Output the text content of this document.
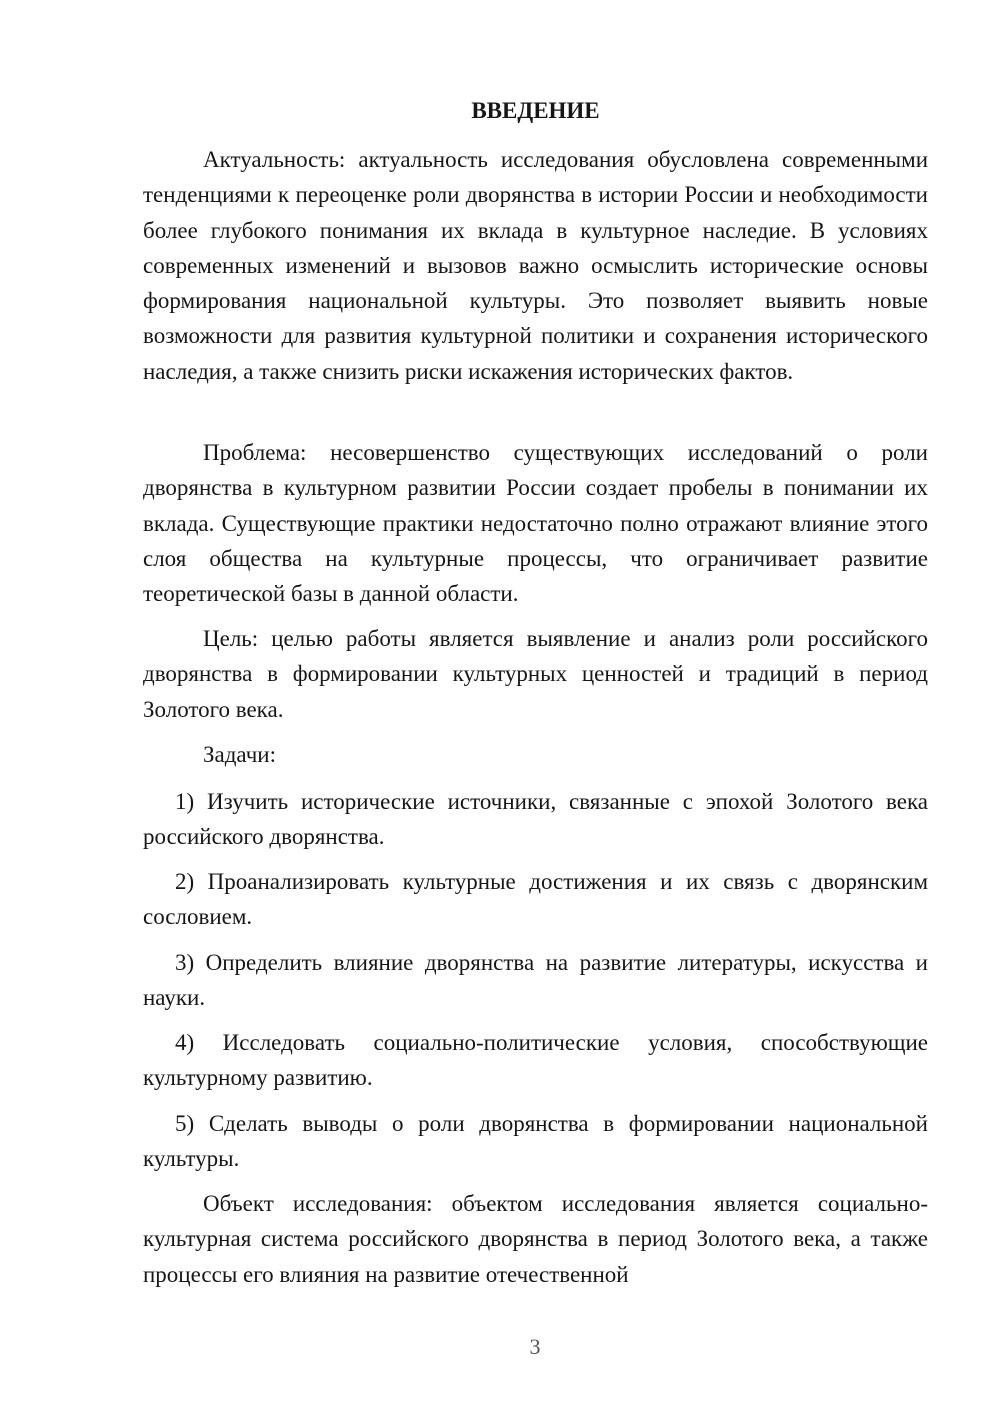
ВВЕДЕНИЕ

Актуальность: актуальность исследования обусловлена современными тенденциями к переоценке роли дворянства в истории России и необходимости более глубокого понимания их вклада в культурное наследие. В условиях современных изменений и вызовов важно осмыслить исторические основы формирования национальной культуры. Это позволяет выявить новые возможности для развития культурной политики и сохранения исторического наследия, а также снизить риски искажения исторических фактов.

Проблема: несовершенство существующих исследований о роли дворянства в культурном развитии России создает пробелы в понимании их вклада. Существующие практики недостаточно полно отражают влияние этого слоя общества на культурные процессы, что ограничивает развитие теоретической базы в данной области.

Цель: целью работы является выявление и анализ роли российского дворянства в формировании культурных ценностей и традиций в период Золотого века.

Задачи:

1) Изучить исторические источники, связанные с эпохой Золотого века российского дворянства.

2) Проанализировать культурные достижения и их связь с дворянским сословием.

3) Определить влияние дворянства на развитие литературы, искусства и науки.

4) Исследовать социально-политические условия, способствующие культурному развитию.

5) Сделать выводы о роли дворянства в формировании национальной культуры.

Объект исследования: объектом исследования является социально-культурная система российского дворянства в период Золотого века, а также процессы его влияния на развитие отечественной

3
